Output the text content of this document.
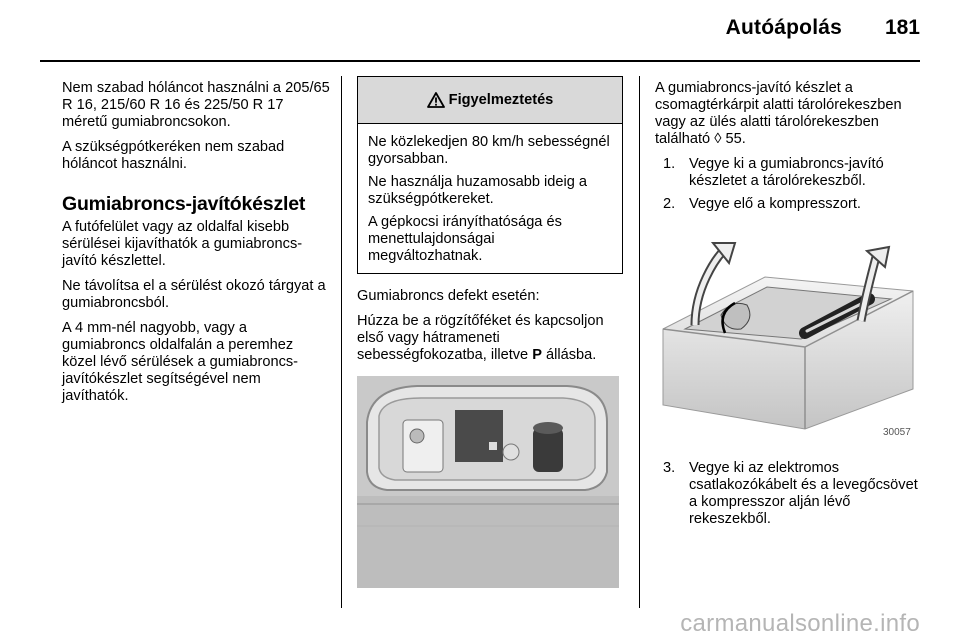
Autóápolás 181

Nem szabad hóláncot használni a 205/65 R 16, 215/60 R 16 és 225/50 R 17 méretű gumiabroncsokon.

A szükségpótkeréken nem szabad hóláncot használni.

Gumiabroncs-javítókészlet

A futófelület vagy az oldalfal kisebb sérülései kijavíthatók a gumiabroncs-javító készlettel.

Ne távolítsa el a sérülést okozó tárgyat a gumiabroncsból.

A 4 mm-nél nagyobb, vagy a gumiabroncs oldalfalán a peremhez közel lévő sérülések a gumiabroncs-javítókészlet segítségével nem javíthatók.

Figyelmeztetés

Ne közlekedjen 80 km/h sebességnél gyorsabban.

Ne használja huzamosabb ideig a szükségpótkereket.

A gépkocsi irányíthatósága és menettulajdonságai megváltozhatnak.

Gumiabroncs defekt esetén:

Húzza be a rögzítőféket és kapcsoljon első vagy hátrameneti sebességfokozatba, illetve P állásba.

A gumiabroncs-javító készlet a csomagtérkárpit alatti tárolórekeszben vagy az ülés alatti tárolórekeszben található ◊ 55.

1. Vegye ki a gumiabroncs-javító készletet a tárolórekeszből.
2. Vegye elő a kompresszort.
30057
3. Vegye ki az elektromos csatlakozókábelt és a levegőcsövet a kompresszor alján lévő rekeszekből.
carmanualsonline.info
